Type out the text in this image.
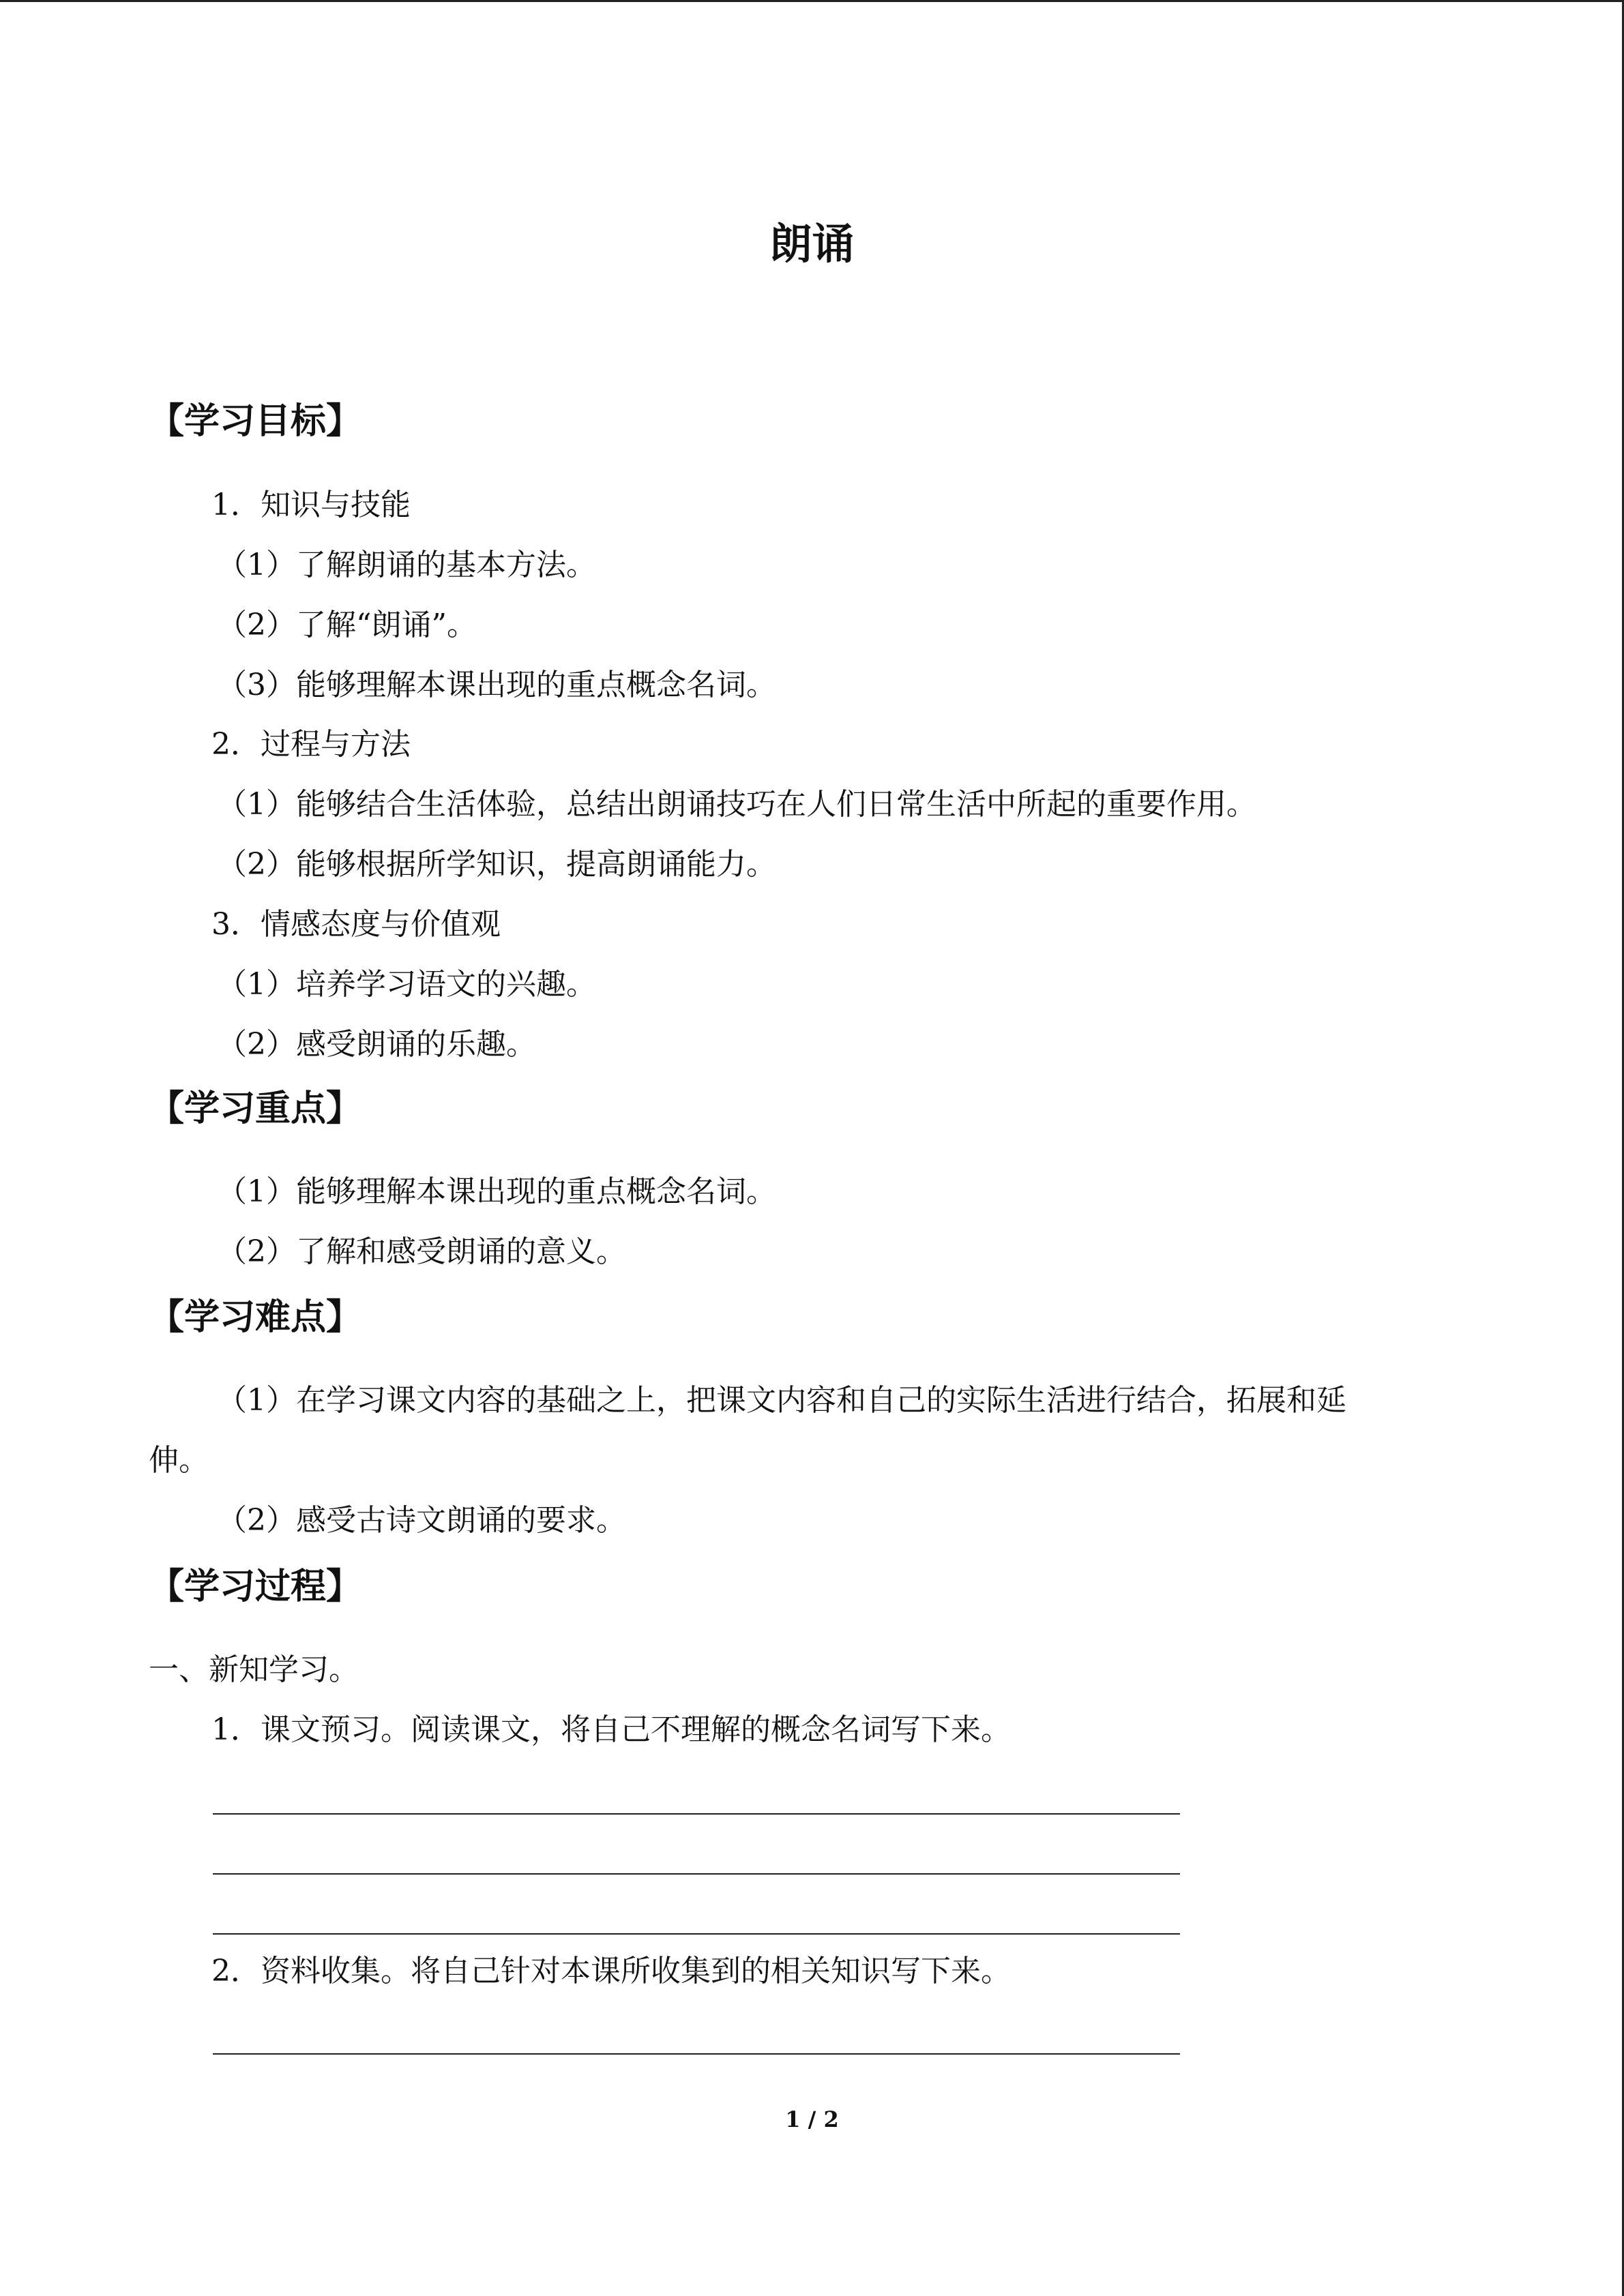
朗诵
【学习目标】
1．知识与技能
（1）了解朗诵的基本方法。
（2）了解“朗诵”。
（3）能够理解本课出现的重点概念名词。
2．过程与方法
（1）能够结合生活体验，总结出朗诵技巧在人们日常生活中所起的重要作用。
（2）能够根据所学知识，提高朗诵能力。
3．情感态度与价值观
（1）培养学习语文的兴趣。
（2）感受朗诵的乐趣。
【学习重点】
（1）能够理解本课出现的重点概念名词。
（2）了解和感受朗诵的意义。
【学习难点】
（1）在学习课文内容的基础之上，把课文内容和自己的实际生活进行结合，拓展和延
伸。
（2）感受古诗文朗诵的要求。
【学习过程】
一、新知学习。
1．课文预习。阅读课文，将自己不理解的概念名词写下来。
2．资料收集。将自己针对本课所收集到的相关知识写下来。
1 / 2
